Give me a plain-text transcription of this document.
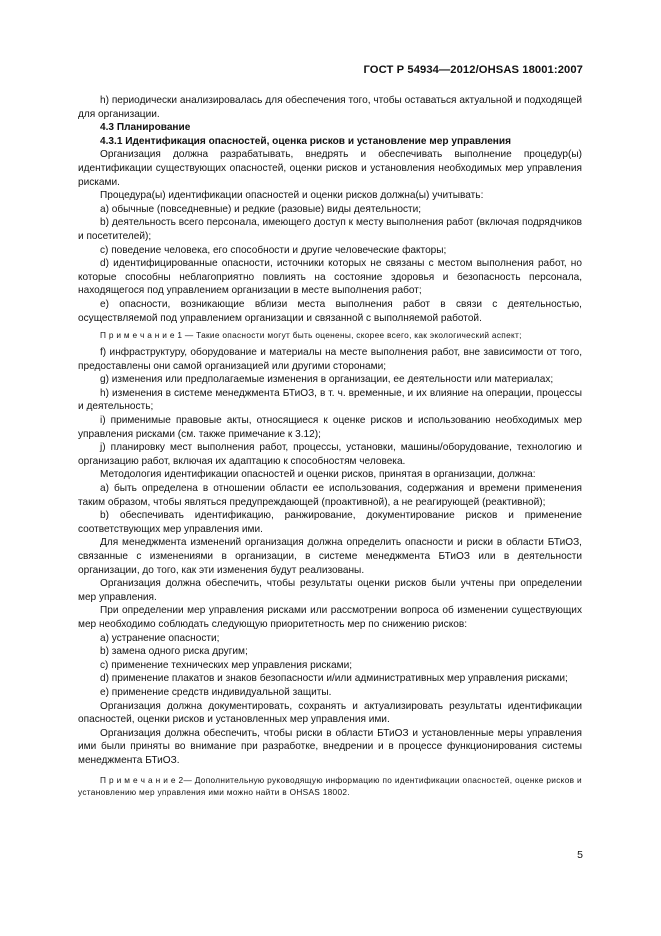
ГОСТ Р 54934—2012/OHSAS 18001:2007

h) периодически анализировалась для обеспечения того, чтобы оставаться актуальной и подходящей для организации.

4.3 Планирование

4.3.1 Идентификация опасностей, оценка рисков и установление мер управления

Организация должна разрабатывать, внедрять и обеспечивать выполнение процедур(ы) идентификации существующих опасностей, оценки рисков и установления необходимых мер управления рисками.

Процедура(ы) идентификации опасностей и оценки рисков должна(ы) учитывать:

a) обычные (повседневные) и редкие (разовые) виды деятельности;

b) деятельность всего персонала, имеющего доступ к месту выполнения работ (включая подрядчиков и посетителей);

c) поведение человека, его способности и другие человеческие факторы;

d) идентифицированные опасности, источники которых не связаны с местом выполнения работ, но которые способны неблагоприятно повлиять на состояние здоровья и безопасность персонала, находящегося под управлением организации в месте выполнения работ;

e) опасности, возникающие вблизи места выполнения работ в связи с деятельностью, осуществляемой под управлением организации и связанной с выполняемой работой.

П р и м е ч а н и е 1 — Такие опасности могут быть оценены, скорее всего, как экологический аспект;

f) инфраструктуру, оборудование и материалы на месте выполнения работ, вне зависимости от того, предоставлены они самой организацией или другими сторонами;

g) изменения или предполагаемые изменения в организации, ее деятельности или материалах;

h) изменения в системе менеджмента БТиОЗ, в т. ч. временные, и их влияние на операции, процессы и деятельность;

i) применимые правовые акты, относящиеся к оценке рисков и использованию необходимых мер управления рисками (см. также примечание к 3.12);

j) планировку мест выполнения работ, процессы, установки, машины/оборудование, технологию и организацию работ, включая их адаптацию к способностям человека.

Методология идентификации опасностей и оценки рисков, принятая в организации, должна:

a) быть определена в отношении области ее использования, содержания и времени применения таким образом, чтобы являться предупреждающей (проактивной), а не реагирующей (реактивной);

b) обеспечивать идентификацию, ранжирование, документирование рисков и применение соответствующих мер управления ими.

Для менеджмента изменений организация должна определить опасности и риски в области БТиОЗ, связанные с изменениями в организации, в системе менеджмента БТиОЗ или в деятельности организации, до того, как эти изменения будут реализованы.

Организация должна обеспечить, чтобы результаты оценки рисков были учтены при определении мер управления.

При определении мер управления рисками или рассмотрении вопроса об изменении существующих мер необходимо соблюдать следующую приоритетность мер по снижению рисков:

a) устранение опасности;

b) замена одного риска другим;

c) применение технических мер управления рисками;

d) применение плакатов и знаков безопасности и/или административных мер управления рисками;

e) применение средств индивидуальной защиты.

Организация должна документировать, сохранять и актуализировать результаты идентификации опасностей, оценки рисков и установленных мер управления ими.

Организация должна обеспечить, чтобы риски в области БТиОЗ и установленные меры управления ими были приняты во внимание при разработке, внедрении и в процессе функционирования системы менеджмента БТиОЗ.

П р и м е ч а н и е 2— Дополнительную руководящую информацию по идентификации опасностей, оценке рисков и установлению мер управления ими можно найти в OHSAS 18002.

5
